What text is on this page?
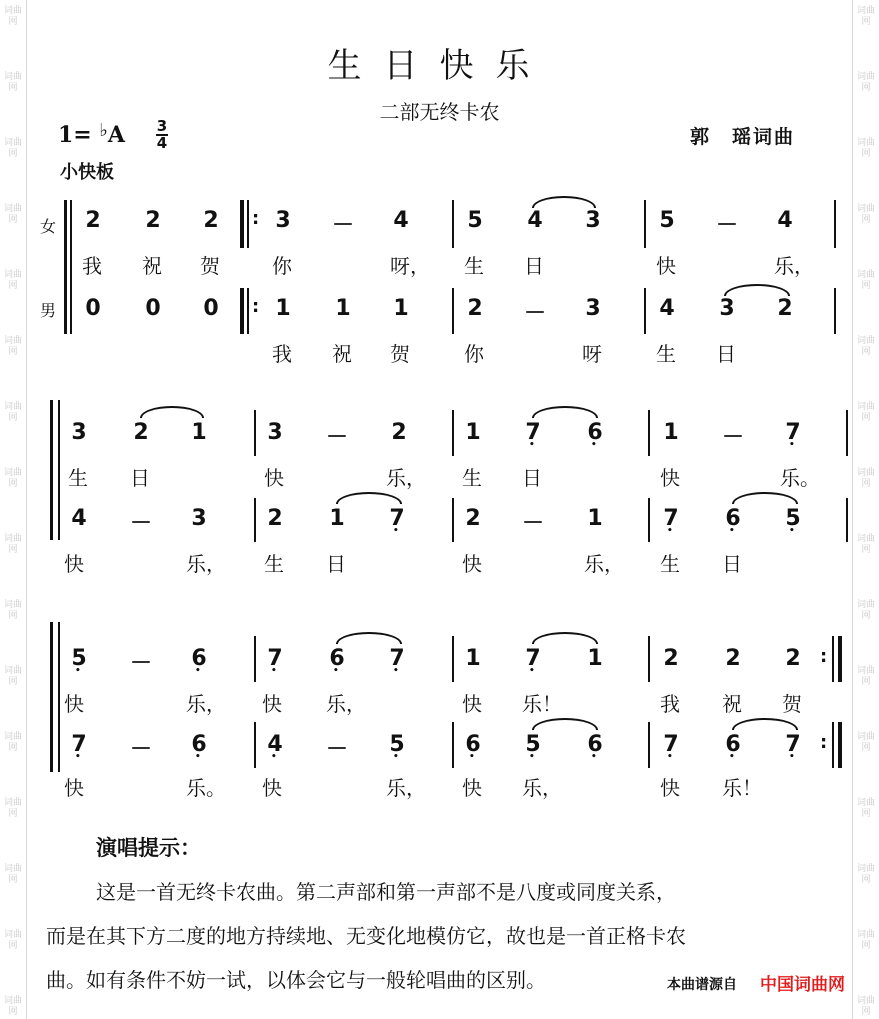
词曲网
词曲网
词曲网
词曲网
词曲网
词曲网
词曲网
词曲网
词曲网
词曲网
词曲网
词曲网
词曲网
词曲网
词曲网
词曲网
词曲网
词曲网
词曲网
词曲网
词曲网
词曲网
词曲网
词曲网
词曲网
词曲网
词曲网
词曲网
词曲网
词曲网
词曲网
词曲网
生日快乐
二部无终卡农
1= ♭A 3
4	郭　瑶词曲
小快板
女
男
2 2 2 : 3 － 4	5 4 3	5 － 4
我 祝 贺	你	呀， 生 日	快	乐，
0 0 0 : 1 1 1	2 － 3	4 3 2
我 祝 贺	你	呀	生 日
3 2 1	3 － 2	1 7 • 6 •	1 － 7 •
生 日	快	乐， 生 日	快	乐。
4 － 3	2 1 7 •	2 － 1	7 • 6 • 5 •
快	乐， 生 日	快	乐， 生 日
5 • － 6 •	7 • 6 • 7 •	1 7 • 1	2 2 2 :
快	乐， 快 乐，	快 乐！	我 祝 贺
7 • － 6 •	4 • － 5 •	6 • 5 • 6 •	7 • 6 • 7 • :
快	乐。 快	乐， 快 乐，	快 乐！
演唱提示：
这是一首无终卡农曲。第二声部和第一声部不是八度或同度关系，
而是在其下方二度的地方持续地、无变化地模仿它，故也是一首正格卡农
曲。如有条件不妨一试，以体会它与一般轮唱曲的区别。	本曲谱源自 中国词曲网
